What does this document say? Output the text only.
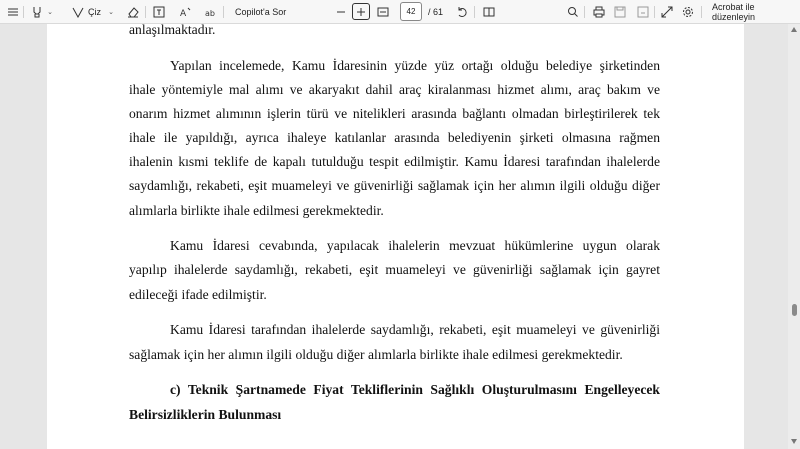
⌄	Çiz ⌄	A ab Copilot'a Sor	42	/ 61	Acrobat ile düzenleyin
anlaşılmaktadır.
Yapılan incelemede, Kamu İdaresinin yüzde yüz ortağı olduğu belediye şirketinden
ihale yöntemiyle mal alımı ve akaryakıt dahil araç kiralanması hizmet alımı, araç bakım ve
onarım hizmet alımının işlerin türü ve nitelikleri arasında bağlantı olmadan birleştirilerek tek
ihale ile yapıldığı, ayrıca ihaleye katılanlar arasında belediyenin şirketi olmasına rağmen
ihalenin kısmi teklife de kapalı tutulduğu tespit edilmiştir. Kamu İdaresi tarafından ihalelerde
saydamlığı, rekabeti, eşit muameleyi ve güvenirliği sağlamak için her alımın ilgili olduğu diğer
alımlarla birlikte ihale edilmesi gerekmektedir.
Kamu İdaresi cevabında, yapılacak ihalelerin mevzuat hükümlerine uygun olarak
yapılıp ihalelerde saydamlığı, rekabeti, eşit muameleyi ve güvenirliği sağlamak için gayret
edileceği ifade edilmiştir.
Kamu İdaresi tarafından ihalelerde saydamlığı, rekabeti, eşit muameleyi ve güvenirliği
sağlamak için her alımın ilgili olduğu diğer alımlarla birlikte ihale edilmesi gerekmektedir.
c) Teknik Şartnamede Fiyat Tekliflerinin Sağlıklı Oluşturulmasını Engelleyecek
Belirsizliklerin Bulunması
